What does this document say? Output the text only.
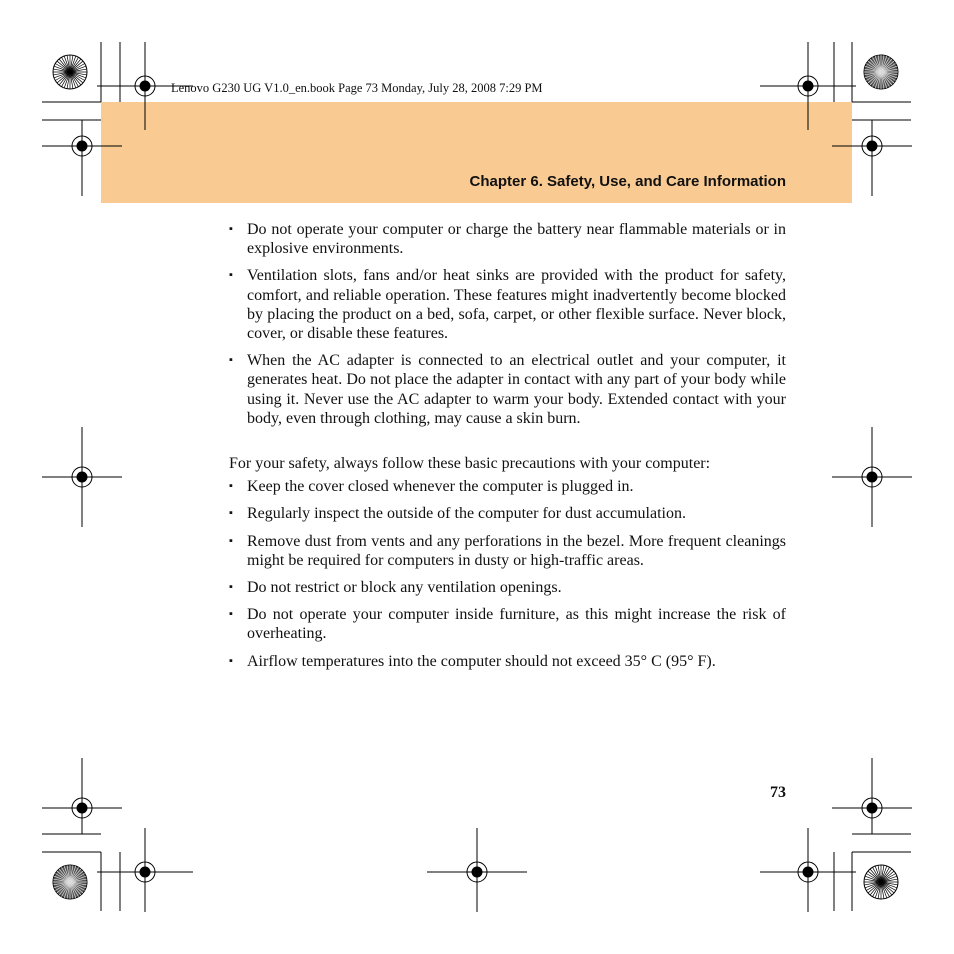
Lenovo G230 UG V1.0_en.book Page 73 Monday, July 28, 2008 7:29 PM
Chapter 6. Safety, Use, and Care Information
▪ Do not operate your computer or charge the battery near flammable materials or in explosive environments.
▪ Ventilation slots, fans and/or heat sinks are provided with the product for safety, comfort, and reliable operation. These features might inadvertently become blocked by placing the product on a bed, sofa, carpet, or other flexible surface. Never block, cover, or disable these features.
▪ When the AC adapter is connected to an electrical outlet and your computer, it generates heat. Do not place the adapter in contact with any part of your body while using it. Never use the AC adapter to warm your body. Extended contact with your body, even through clothing, may cause a skin burn.

For your safety, always follow these basic precautions with your computer:

▪ Keep the cover closed whenever the computer is plugged in.
▪ Regularly inspect the outside of the computer for dust accumulation.
▪ Remove dust from vents and any perforations in the bezel. More frequent cleanings might be required for computers in dusty or high-traffic areas.
▪ Do not restrict or block any ventilation openings.
▪ Do not operate your computer inside furniture, as this might increase the risk of overheating.
▪ Airflow temperatures into the computer should not exceed 35° C (95° F).
73
